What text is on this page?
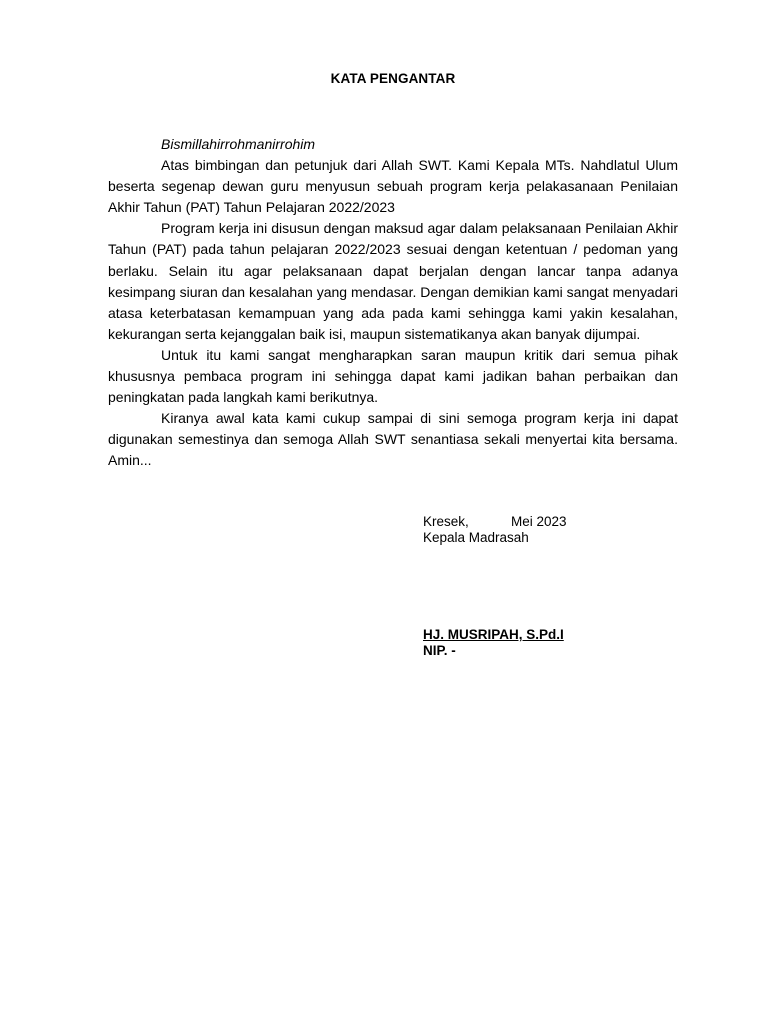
KATA PENGANTAR

Bismillahirrohmanirrohim

Atas bimbingan dan petunjuk dari Allah SWT. Kami Kepala MTs. Nahdlatul Ulum beserta segenap dewan guru menyusun sebuah program kerja pelakasanaan Penilaian Akhir Tahun (PAT) Tahun Pelajaran 2022/2023

Program kerja ini disusun dengan maksud agar dalam pelaksanaan Penilaian Akhir Tahun (PAT) pada tahun pelajaran 2022/2023 sesuai dengan ketentuan / pedoman yang berlaku. Selain itu agar pelaksanaan dapat berjalan dengan lancar tanpa adanya kesimpang siuran dan kesalahan yang mendasar. Dengan demikian kami sangat menyadari atasa keterbatasan kemampuan yang ada pada kami sehingga kami yakin kesalahan, kekurangan serta kejanggalan baik isi, maupun sistematikanya akan banyak dijumpai.

Untuk itu kami sangat mengharapkan saran maupun kritik dari semua pihak khususnya pembaca program ini sehingga dapat kami jadikan bahan perbaikan dan peningkatan pada langkah kami berikutnya.

Kiranya awal kata kami cukup sampai di sini semoga program kerja ini dapat digunakan semestinya dan semoga Allah SWT senantiasa sekali menyertai kita bersama. Amin...

Kresek,	Mei 2023
Kepala Madrasah
HJ. MUSRIPAH, S.Pd.I
NIP. -
